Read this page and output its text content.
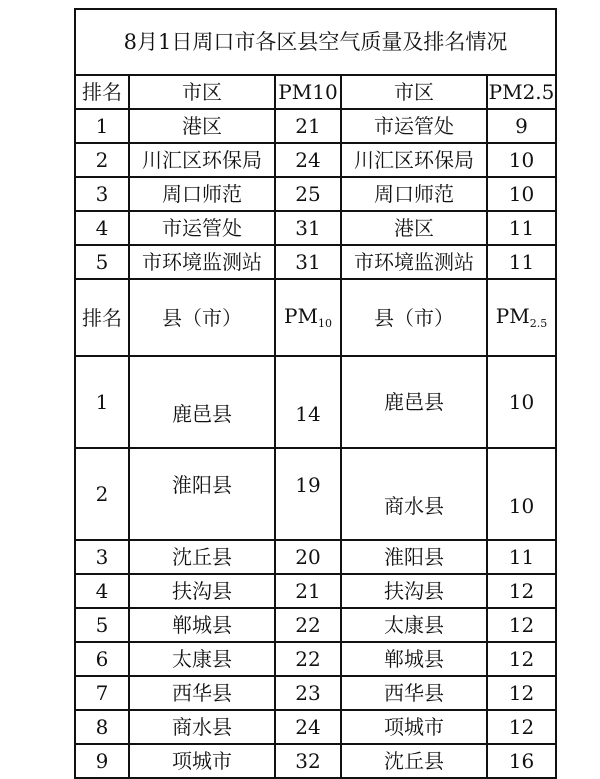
8月1日周口市各区县空气质量及排名情况				
排名	市区	PM10	市区	PM2.5
1	港区	21	市运管处	9
2	川汇区环保局	24	川汇区环保局	10
3	周口师范	25	周口师范	10
4	市运管处	31	港区	11
5	市环境监测站	31	市环境监测站	11
排名	县（市）	$PM_{10}$	县（市）	$PM_{2.5}$
1	鹿邑县	14	鹿邑县	10
2	淮阳县	19	商水县	10
3	沈丘县	20	淮阳县	11
4	扶沟县	21	扶沟县	12
5	郸城县	22	太康县	12
6	太康县	22	郸城县	12
7	西华县	23	西华县	12
8	商水县	24	项城市	12
9	项城市	32	沈丘县	16
